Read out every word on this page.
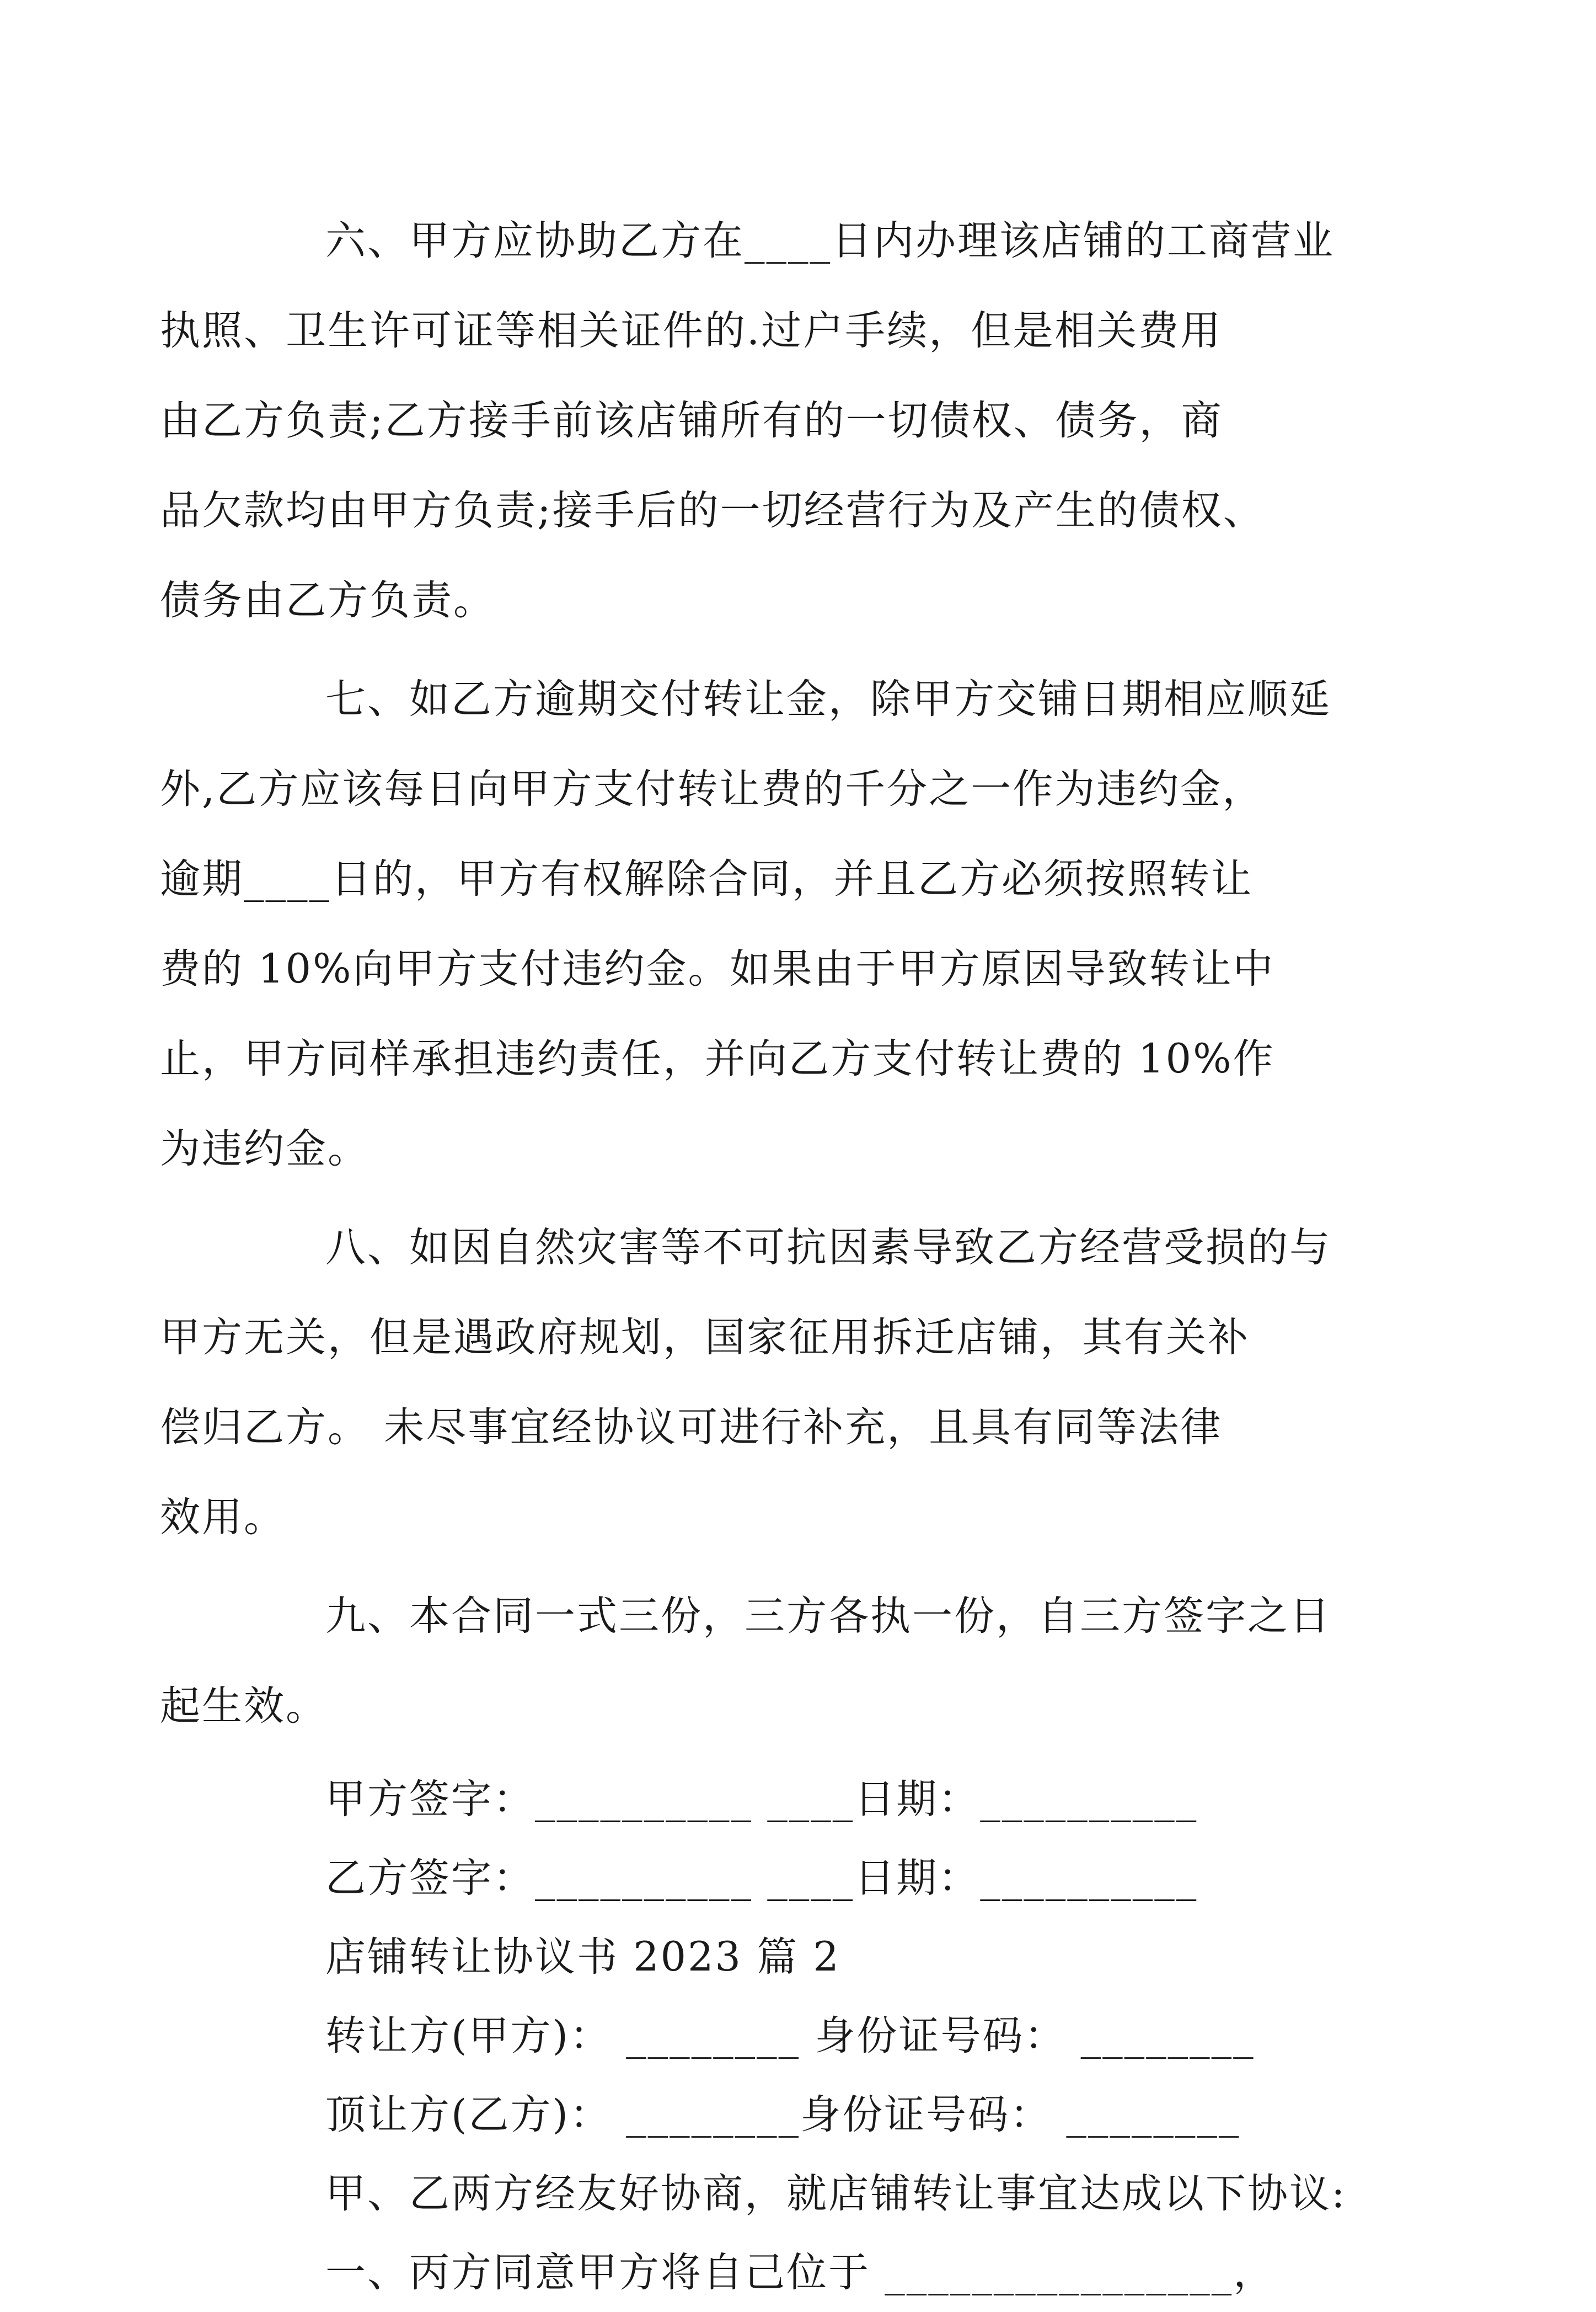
六、甲方应协助乙方在____日内办理该店铺的工商营业
执照、卫生许可证等相关证件的.过户手续，但是相关费用
由乙方负责;乙方接手前该店铺所有的一切债权、债务，商
品欠款均由甲方负责;接手后的一切经营行为及产生的债权、
债务由乙方负责。

七、如乙方逾期交付转让金，除甲方交铺日期相应顺延
外,乙方应该每日向甲方支付转让费的千分之一作为违约金，
逾期____日的，甲方有权解除合同，并且乙方必须按照转让
费的 10%向甲方支付违约金。如果由于甲方原因导致转让中
止，甲方同样承担违约责任，并向乙方支付转让费的 10%作
为违约金。

八、如因自然灾害等不可抗因素导致乙方经营受损的与
甲方无关，但是遇政府规划，国家征用拆迁店铺，其有关补
偿归乙方。 未尽事宜经协议可进行补充，且具有同等法律
效用。

九、本合同一式三份，三方各执一份，自三方签字之日
起生效。

甲方签字：__________ ____日期：__________
乙方签字：__________ ____日期：__________
店铺转让协议书 2023 篇 2
转让方(甲方)： ________ 身份证号码： ________
顶让方(乙方)： ________身份证号码： ________
甲、乙两方经友好协商，就店铺转让事宜达成以下协议:
一、丙方同意甲方将自己位于 ________________，
